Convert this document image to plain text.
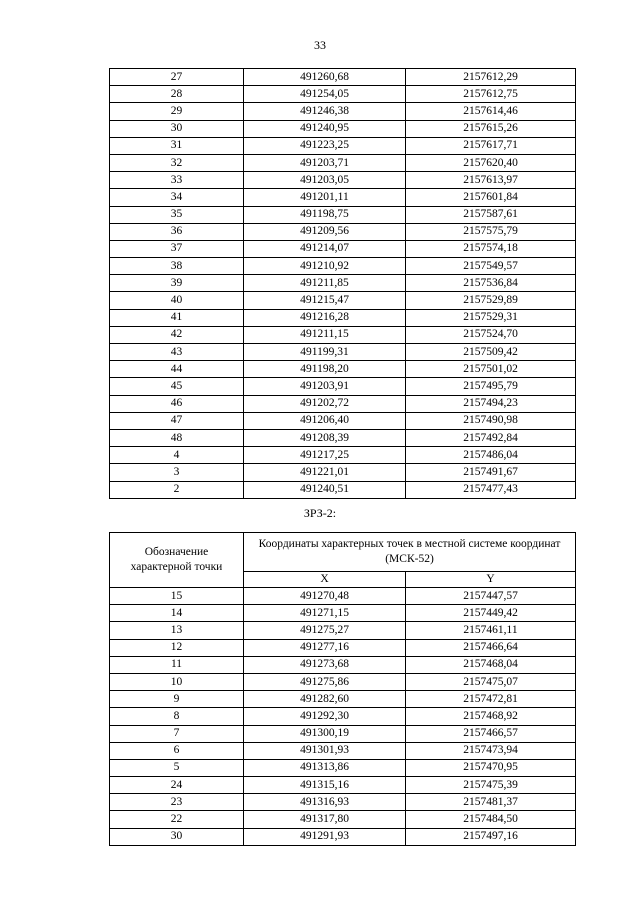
33
27	491260,68	2157612,29
28	491254,05	2157612,75
29	491246,38	2157614,46
30	491240,95	2157615,26
31	491223,25	2157617,71
32	491203,71	2157620,40
33	491203,05	2157613,97
34	491201,11	2157601,84
35	491198,75	2157587,61
36	491209,56	2157575,79
37	491214,07	2157574,18
38	491210,92	2157549,57
39	491211,85	2157536,84
40	491215,47	2157529,89
41	491216,28	2157529,31
42	491211,15	2157524,70
43	491199,31	2157509,42
44	491198,20	2157501,02
45	491203,91	2157495,79
46	491202,72	2157494,23
47	491206,40	2157490,98
48	491208,39	2157492,84
4	491217,25	2157486,04
3	491221,01	2157491,67
2	491240,51	2157477,43
ЗРЗ-2:
Обозначение характерной точки	Координаты характерных точек в местной системе координат (МСК-52)	
	X	Y
15	491270,48	2157447,57
14	491271,15	2157449,42
13	491275,27	2157461,11
12	491277,16	2157466,64
11	491273,68	2157468,04
10	491275,86	2157475,07
9	491282,60	2157472,81
8	491292,30	2157468,92
7	491300,19	2157466,57
6	491301,93	2157473,94
5	491313,86	2157470,95
24	491315,16	2157475,39
23	491316,93	2157481,37
22	491317,80	2157484,50
30	491291,93	2157497,16
